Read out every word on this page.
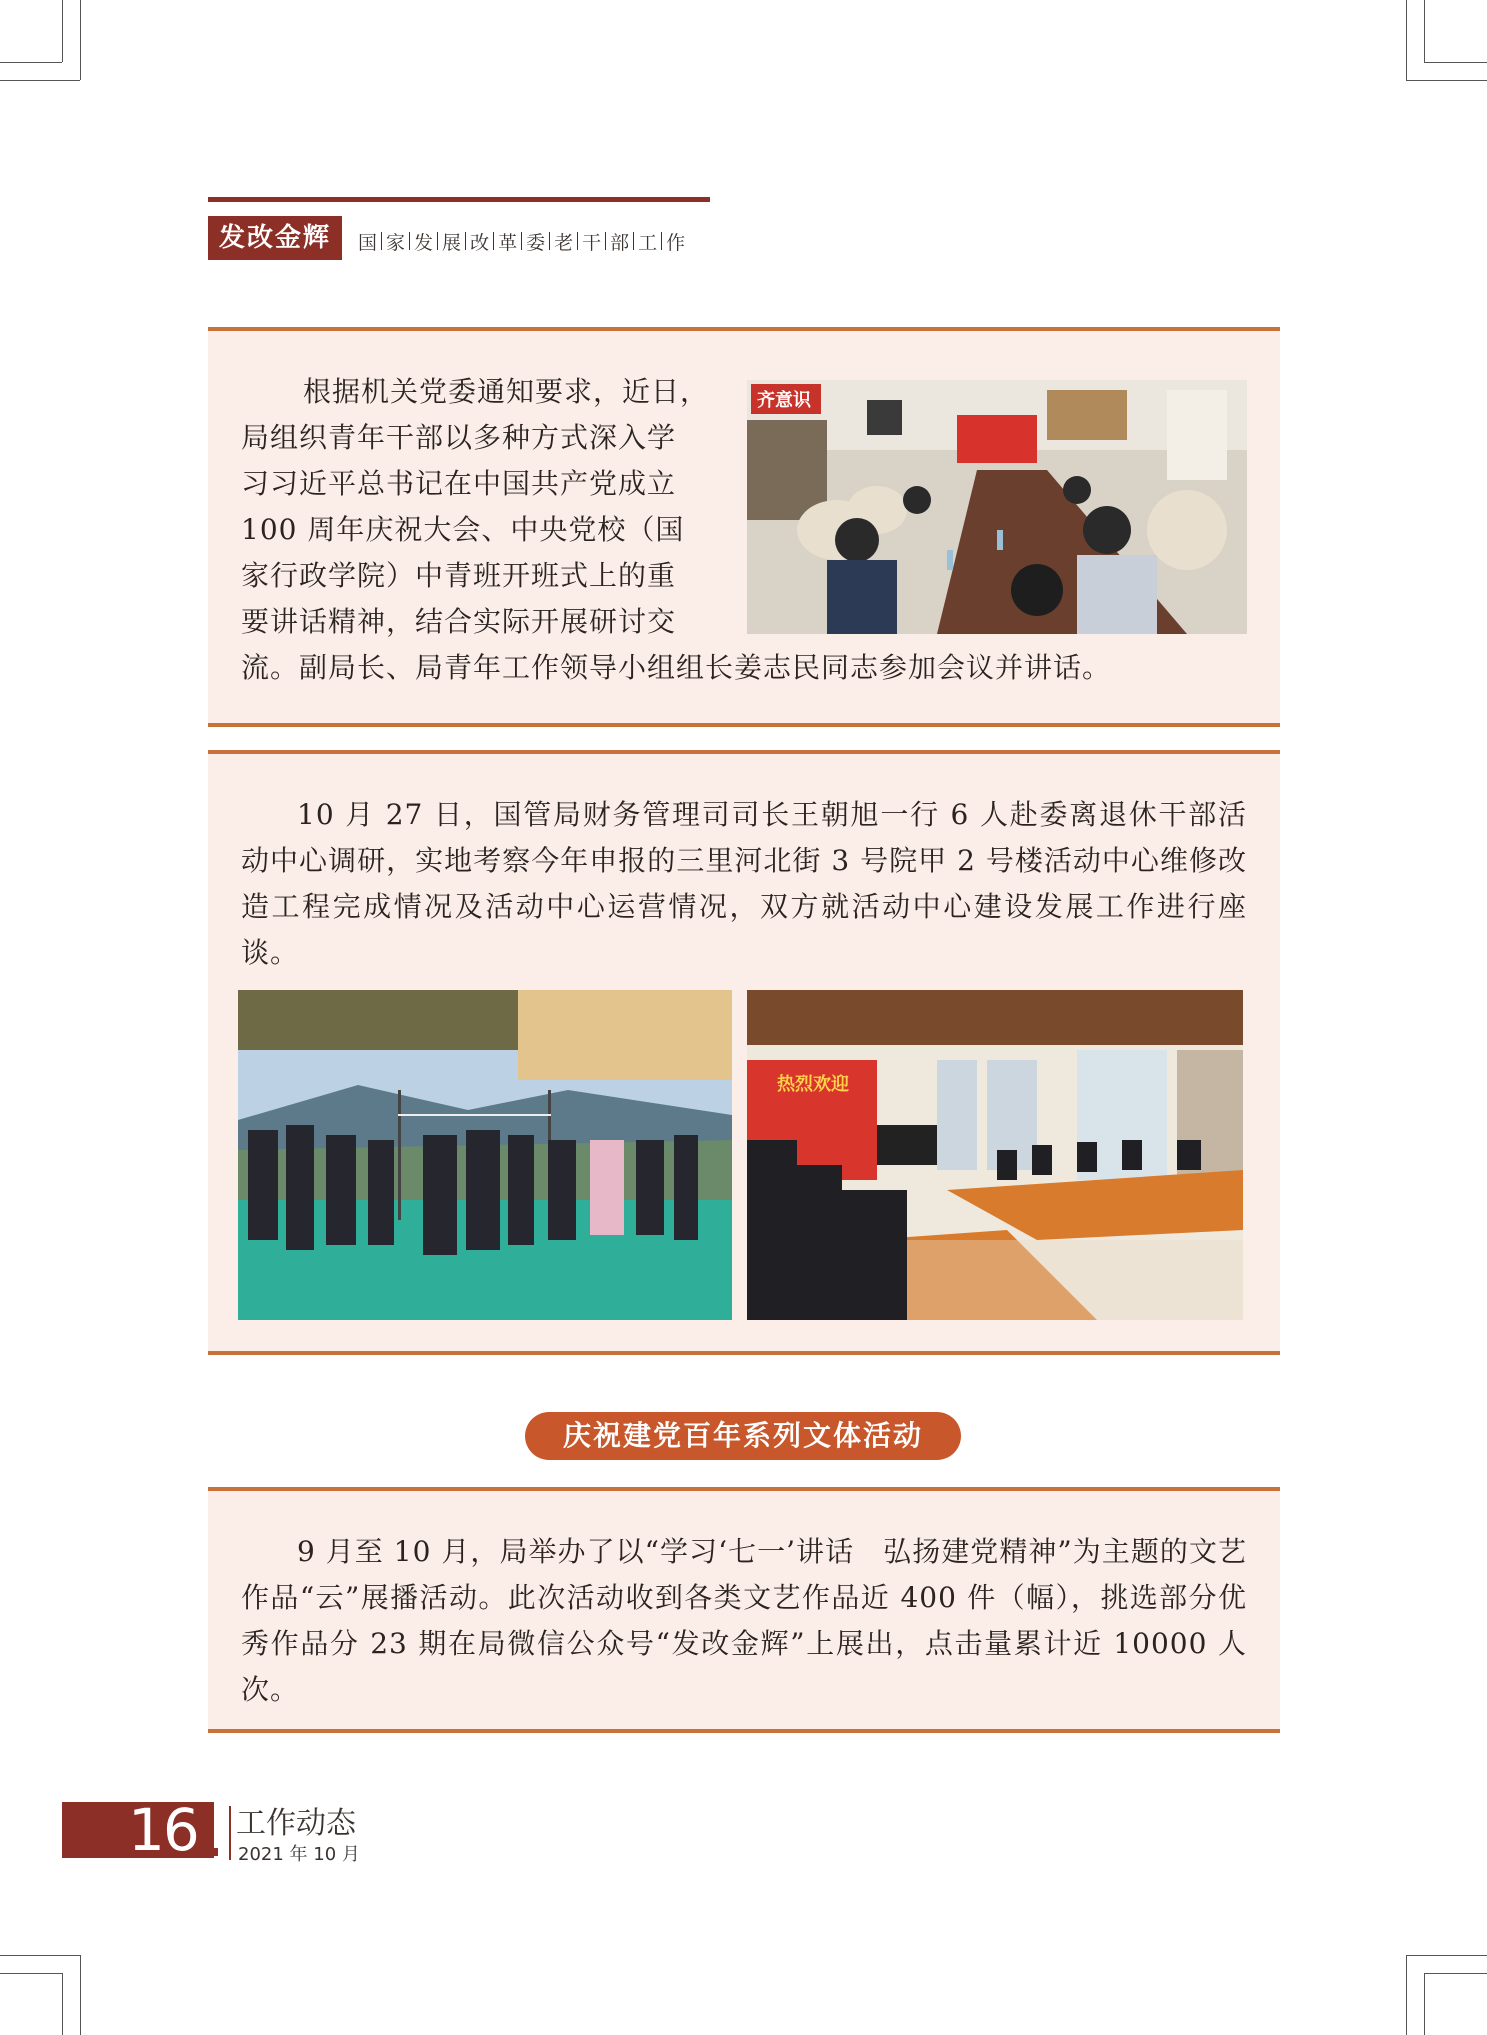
发改金辉	国 家 发 展 改 革 委 老 干 部 工 作
齐意识
根据机关党委通知要求，近日，
局组织青年干部以多种方式深入学
习习近平总书记在中国共产党成立
100 周年庆祝大会、中央党校（国
家行政学院）中青班开班式上的重
要讲话精神，结合实际开展研讨交
流。副局长、局青年工作领导小组组长姜志民同志参加会议并讲话。

10 月 27 日，国管局财务管理司司长王朝旭一行 6 人赴委离退休干部活动中心调研，实地考察今年申报的三里河北街 3 号院甲 2 号楼活动中心维修改造工程完成情况及活动中心运营情况，双方就活动中心建设发展工作进行座谈。

热烈欢迎
庆祝建党百年系列文体活动

9 月至 10 月，局举办了以“学习‘七一’讲话　弘扬建党精神”为主题的文艺作品“云”展播活动。此次活动收到各类文艺作品近 400 件（幅），挑选部分优秀作品分 23 期在局微信公众号“发改金辉”上展出，点击量累计近 10000 人次。

16	工作动态
2021 年 10 月
